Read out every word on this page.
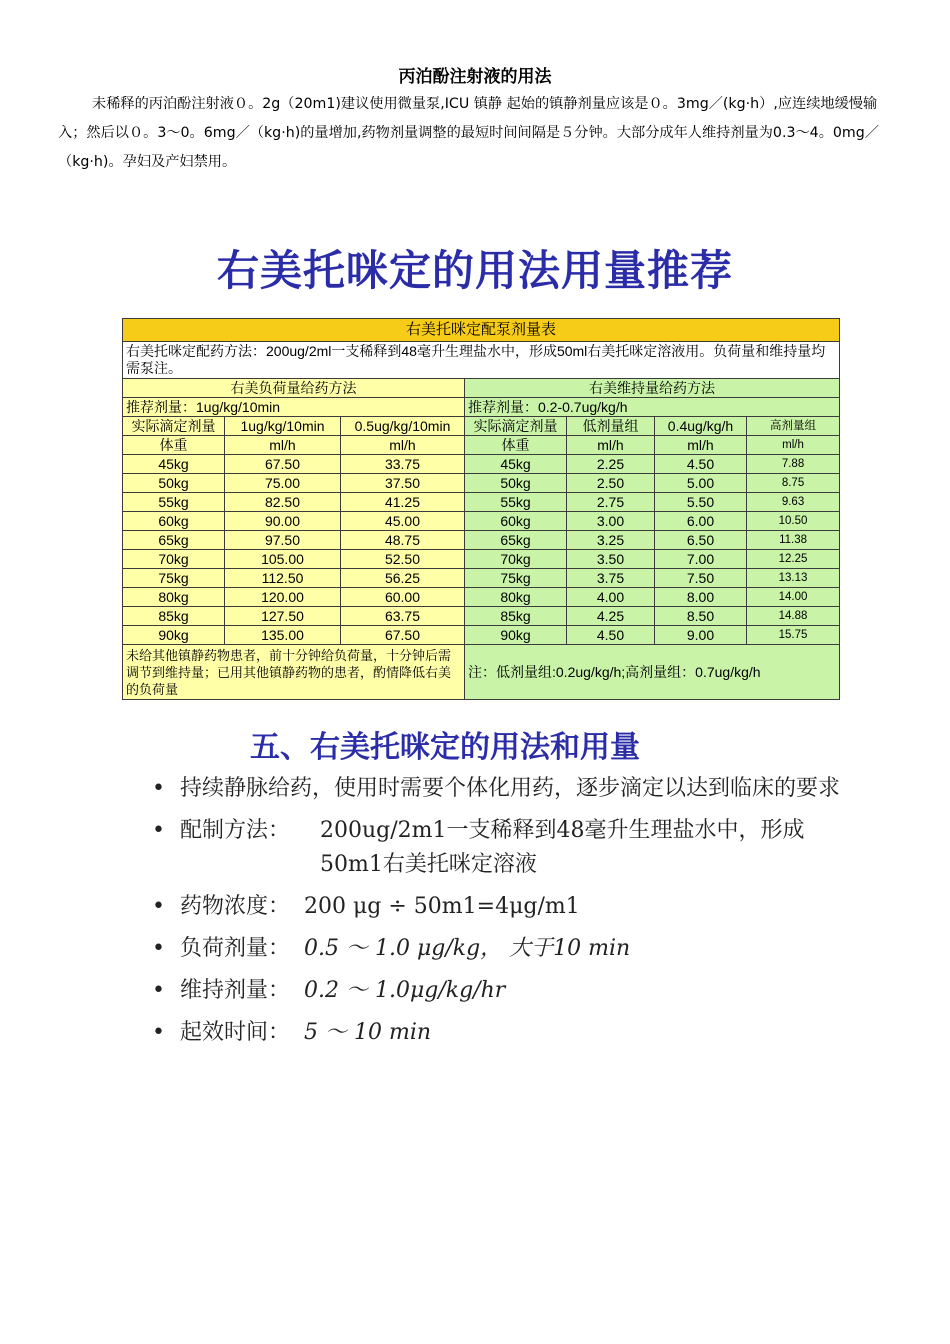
丙泊酚注射液的用法

未稀释的丙泊酚注射液０。2g（20m1)建议使用微量泵,ICU 镇静 起始的镇静剂量应该是０。3mg／(kg·h）,应连续地缓慢输入；然后以０。3～0。6mg／（kg·h)的量增加,药物剂量调整的最短时间间隔是５分钟。大部分成年人维持剂量为0.3～4。0mg／（kg·h)。孕妇及产妇禁用。

右美托咪定的用法用量推荐
右美托咪定配泵剂量表						
右美托咪定配药方法：200ug/2ml一支稀释到48毫升生理盐水中，形成50ml右美托咪定溶液用。负荷量和维持量均需泵注。						
右美负荷量给药方法			右美维持量给药方法			
推荐剂量：1ug/kg/10min			推荐剂量：0.2-0.7ug/kg/h			
实际滴定剂量	1ug/kg/10min	0.5ug/kg/10min	实际滴定剂量	低剂量组	0.4ug/kg/h	高剂量组
体重	ml/h	ml/h	体重	ml/h	ml/h	ml/h
45kg	67.50	33.75	45kg	2.25	4.50	7.88
50kg	75.00	37.50	50kg	2.50	5.00	8.75
55kg	82.50	41.25	55kg	2.75	5.50	9.63
60kg	90.00	45.00	60kg	3.00	6.00	10.50
65kg	97.50	48.75	65kg	3.25	6.50	11.38
70kg	105.00	52.50	70kg	3.50	7.00	12.25
75kg	112.50	56.25	75kg	3.75	7.50	13.13
80kg	120.00	60.00	80kg	4.00	8.00	14.00
85kg	127.50	63.75	85kg	4.25	8.50	14.88
90kg	135.00	67.50	90kg	4.50	9.00	15.75
未给其他镇静药物患者，前十分钟给负荷量，十分钟后需调节到维持量；已用其他镇静药物的患者，酌情降低右美的负荷量			注：低剂量组:0.2ug/kg/h;高剂量组：0.7ug/kg/h			
五、右美托咪定的用法和用量
• 持续静脉给药，使用时需要个体化用药，逐步滴定以达到临床的要求
• 配制方法：	200ug/2m1一支稀释到48毫升生理盐水中，形成50m1右美托咪定溶液
• 药物浓度： 200 μg ÷ 50m1=4μg/m1
• 负荷剂量： 0.5 ～ 1.0 μg/kg， 大于10 min
• 维持剂量： 0.2 ～ 1.0μg/kg/hr
• 起效时间： 5 ～ 10 min
